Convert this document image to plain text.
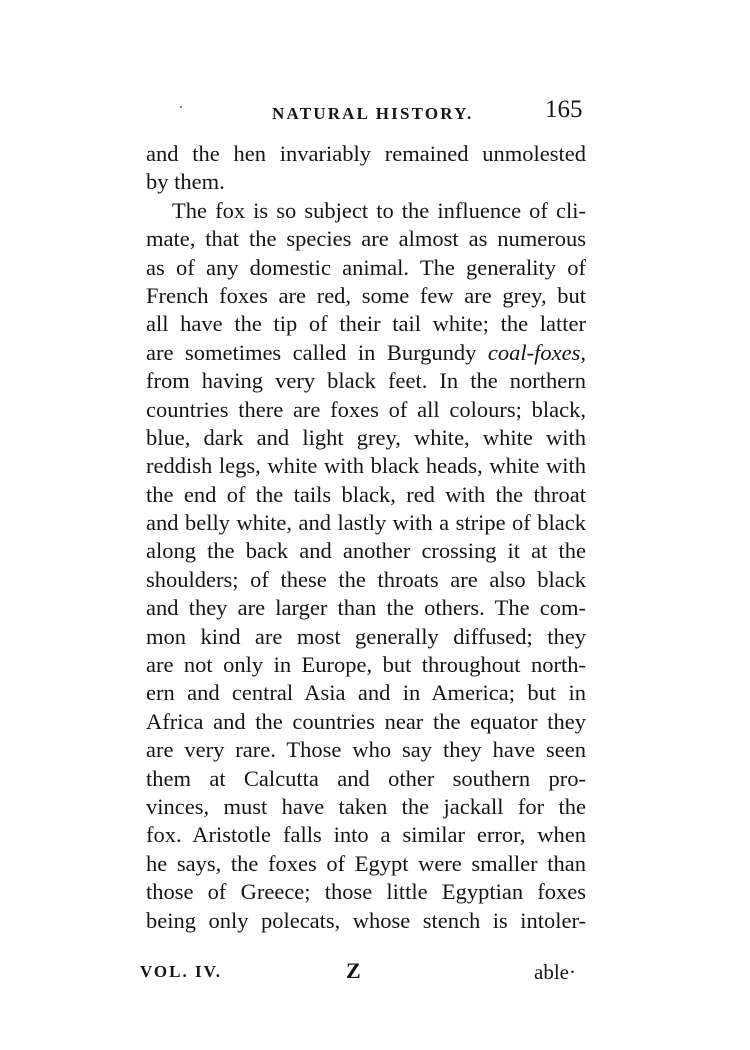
NATURAL HISTORY.	165
and the hen invariably remained unmolested
by them.
The fox is so subject to the influence of cli-
mate, that the species are almost as numerous
as of any domestic animal. The generality of
French foxes are red, some few are grey, but
all have the tip of their tail white; the latter
are sometimes called in Burgundy coal-foxes,
from having very black feet. In the northern
countries there are foxes of all colours; black,
blue, dark and light grey, white, white with
reddish legs, white with black heads, white with
the end of the tails black, red with the throat
and belly white, and lastly with a stripe of black
along the back and another crossing it at the
shoulders; of these the throats are also black
and they are larger than the others. The com-
mon kind are most generally diffused; they
are not only in Europe, but throughout north-
ern and central Asia and in America; but in
Africa and the countries near the equator they
are very rare. Those who say they have seen
them at Calcutta and other southern pro-
vinces, must have taken the jackall for the
fox. Aristotle falls into a similar error, when
he says, the foxes of Egypt were smaller than
those of Greece; those little Egyptian foxes
being only polecats, whose stench is intoler-
VOL. IV.	Z	able·
